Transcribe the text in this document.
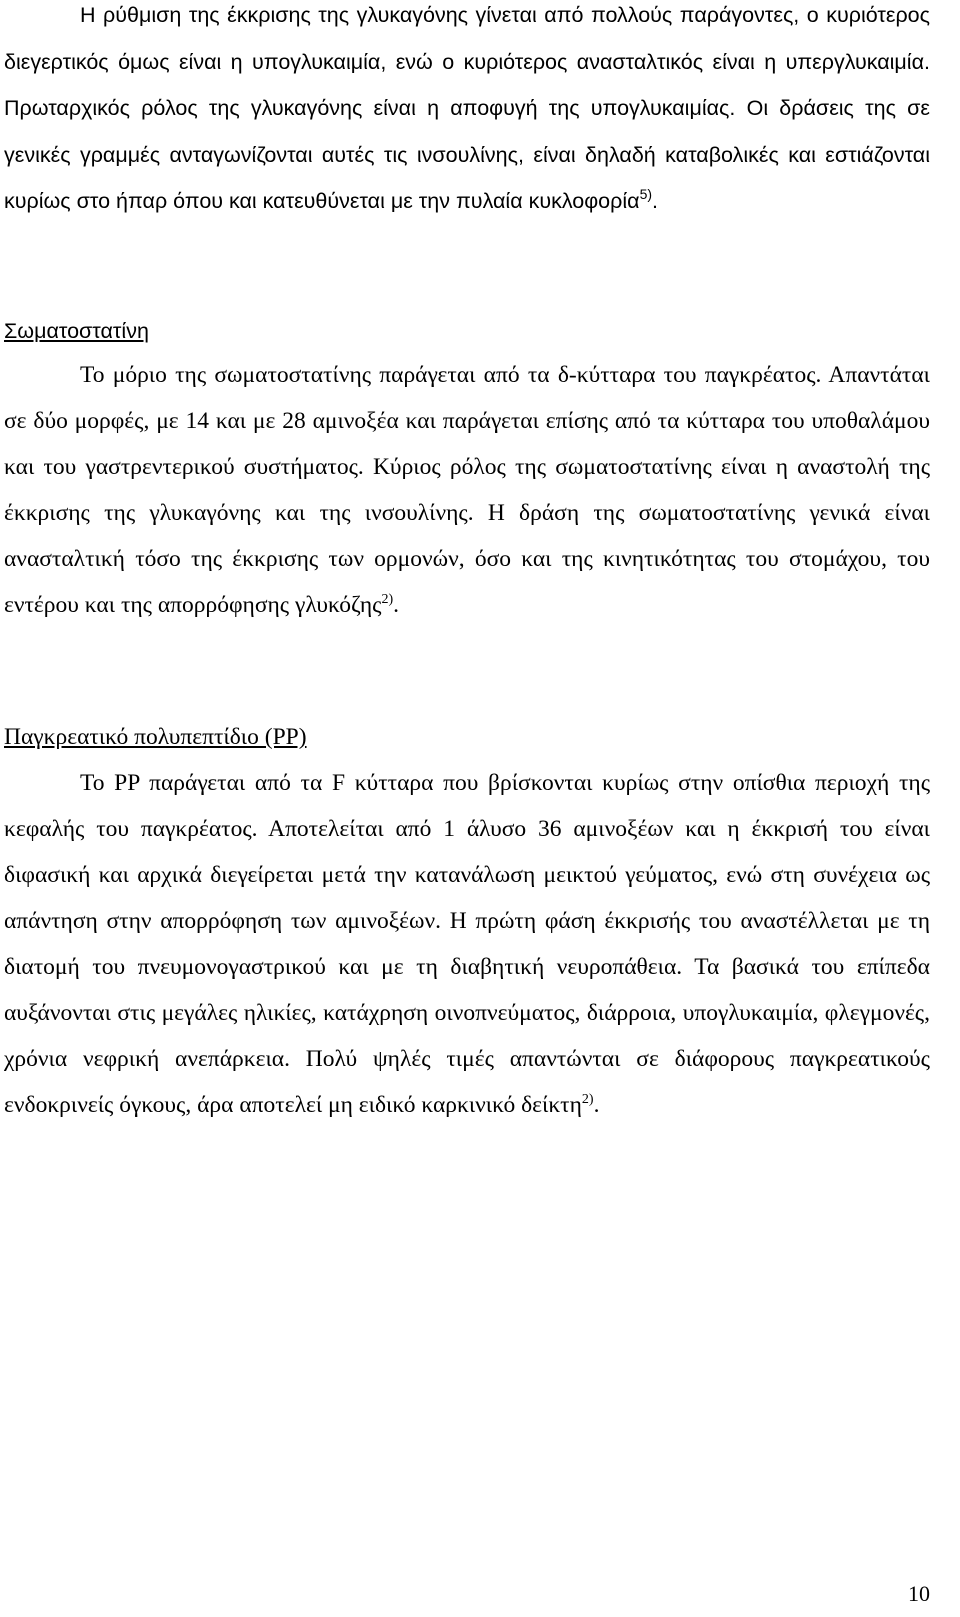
Η ρύθμιση της έκκρισης της γλυκαγόνης γίνεται από πολλούς παράγοντες, ο κυριότερος διεγερτικός όμως είναι η υπογλυκαιμία, ενώ ο κυριότερος ανασταλτικός είναι η υπεργλυκαιμία. Πρωταρχικός ρόλος της γλυκαγόνης είναι η αποφυγή της υπογλυκαιμίας. Οι δράσεις της σε γενικές γραμμές ανταγωνίζονται αυτές τις ινσουλίνης, είναι δηλαδή καταβολικές και εστιάζονται κυρίως στο ήπαρ όπου και κατευθύνεται με την πυλαία κυκλοφορία$^{5)}$.

Σωματοστατίνη

Το μόριο της σωματοστατίνης παράγεται από τα δ-κύτταρα του παγκρέατος. Απαντάται σε δύο μορφές, με 14 και με 28 αμινοξέα και παράγεται επίσης από τα κύτταρα του υποθαλάμου και του γαστρεντερικού συστήματος. Κύριος ρόλος της σωματοστατίνης είναι η αναστολή της έκκρισης της γλυκαγόνης και της ινσουλίνης. Η δράση της σωματοστατίνης γενικά είναι ανασταλτική τόσο της έκκρισης των ορμονών, όσο και της κινητικότητας του στομάχου, του εντέρου και της απορρόφησης γλυκόζης$^{2)}$.

Παγκρεατικό πολυπεπτίδιο (PP)

Το PP παράγεται από τα F κύτταρα που βρίσκονται κυρίως στην οπίσθια περιοχή της κεφαλής του παγκρέατος. Αποτελείται από 1 άλυσο 36 αμινοξέων και η έκκρισή του είναι διφασική και αρχικά διεγείρεται μετά την κατανάλωση μεικτού γεύματος, ενώ στη συνέχεια ως απάντηση στην απορρόφηση των αμινοξέων. Η πρώτη φάση έκκρισής του αναστέλλεται με τη διατομή του πνευμονογαστρικού και με τη διαβητική νευροπάθεια. Τα βασικά του επίπεδα αυξάνονται στις μεγάλες ηλικίες, κατάχρηση οινοπνεύματος, διάρροια, υπογλυκαιμία, φλεγμονές, χρόνια νεφρική ανεπάρκεια. Πολύ ψηλές τιμές απαντώνται σε διάφορους παγκρεατικούς ενδοκρινείς όγκους, άρα αποτελεί μη ειδικό καρκινικό δείκτη$^{2)}$.

10
